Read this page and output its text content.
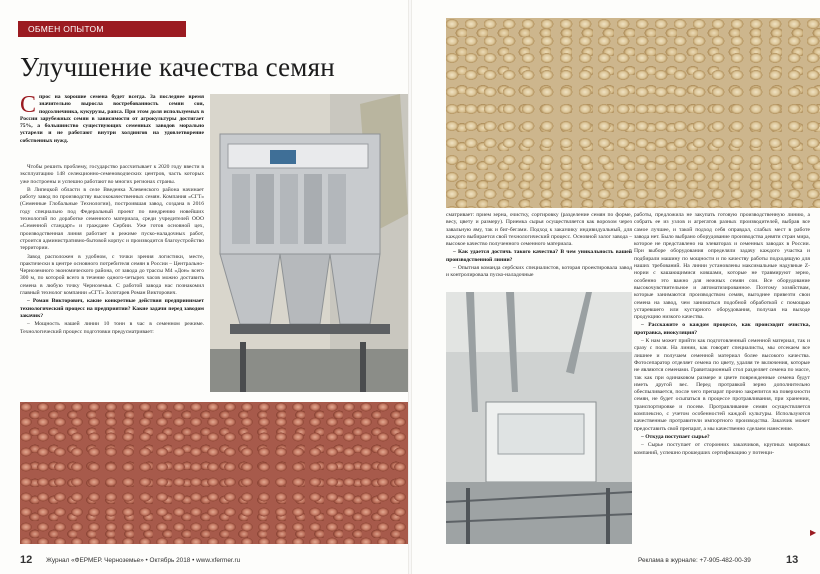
ОБМЕН ОПЫТОМ
Улучшение качества семян

Спрос на хорошие семена будет всегда. За последнее время значительно выросла востребованность семян сои, подсолнечника, кукурузы, рапса. При этом доля используемых в России зарубежных семян в зависимости от агрокультуры достигает 75%, а большинство существующих семенных заводов морально устарели и не работают внутри холдингов на удовлетворение собственных нужд.

Чтобы решить проблему, государство рассчитывает к 2020 году ввести в эксплуатацию 148 селекционно-семеноводческих центров, часть которых уже построены и успешно работают во многих регионах страны.

В Липецкой области в селе Введенка Хлевенского района начинает работу завод по производству высококачественных семян. Компания «СГТ» (Семенные Глобальные Технологии), построившая завод, создана в 2016 году специально под Федеральный проект по внедрению новейших технологий по доработке семенного материала, среди учредителей ООО «Семенной стандарт» и граждане Сербии. Уже готов основной цех, производственная линия работает в режиме пуско-наладочных работ, строится административно-бытовой корпус и производится благоустройство территории.

Завод расположен в удобном, с точки зрения логистики, месте, практически в центре основного потребителя семян в России – Центрально-Черноземного экономического района, от завода до трассы М4 «Дон» всего 300 м, по которой всего в течение одного-четырех часов можно доставить семена в любую точку Черноземья. С работой завода нас познакомил главный технолог компании «СГТ» Золотарев Роман Викторович.

– Роман Викторович, какие конкретные действия предпринимает технологический процесс на предприятии? Какие задачи перед заводом закачик?

– Мощность нашей линии 10 тонн в час в семенном режиме. Технологический процесс подготовки предусматривает:

12 Журнал «ФЕРМЕР. Черноземье» • Октябрь 2018 • www.xfermer.ru

сматривает: прием зерна, очистку, сортировку (разделение семян по форме, весу, цвету и размеру). Приемка сырья осуществляется как ворохом через завальную яму, так и биг-бегами. Подход к заказчику индивидуальный, для каждого выбирается свой технологический процесс. Основной залог завода – высокое качество полученного семенного материала.

– Как удается достичь такого качества? В чем уникальность вашей производственной линии?

– Опытная команда сербских специалистов, которая проектировала завод и контролировала пуско-наладочные

работы, предложила не закупать готовую производственную линию, а собрать ее из узлов и агрегатов разных производителей, выбрав все самое лучшее, и такой подход себя оправдал, слабых мест в работе завода нет. Было выбрано оборудование производства девяти стран мира, которое не представлено на элеваторах и семенных заводах в России. При выборе оборудования определяли задачу каждого участка и подбирали машину по мощности и по качеству работы подходящую для наших требований. На линии установлены максимальные надувные Z-нории с кашающимися ковшами, которые не травмируют зерно, особенно это важно для нежных семян сои. Все оборудование высокочувствительное и автоматизированное. Поэтому хозяйствам, которые занимаются производством семян, выгоднее привезти свои семена на завод, чем заниматься подобной обработкой с помощью устаревшего или кустарного оборудования, получая на выходе продукцию низкого качества.

– Расскажите о каждом процессе, как происходит очистка, протравка, инокуляция?

– К нам может прийти как подготовленный семенной материал, так и сразу с поля. На линии, как говорят специалисты, мы отсекаем все лишнее и получаем семенной материал более высокого качества. Фотосепаратор отделяет семена по цвету, удаляя те включения, которые не являются семенами. Гравитационный стол разделяет семена по массе, так как при одинаковом размере и цвете поврежденные семена будут иметь другой вес. Перед протравкой зерно дополнительно обеспыливается, после чего препарат прочно закрепится на поверхности семян, не будет осыпаться в процессе протравливания, при хранении, транспортировке и посеве. Протравливание семян осуществляется комплексно, с учетом особенностей каждой культуры. Используются качественные протравители импортного производства. Заказчик может предоставить свой препарат, а мы качественно сделаем нанесение.

– Откуда поступает сырье?

– Сырье поступает от сторонних заказчиков, крупных мировых компаний, успешно прошедших сертификацию у потенци-

▶
Реклама в журнале: +7-905-482-00-39	13
